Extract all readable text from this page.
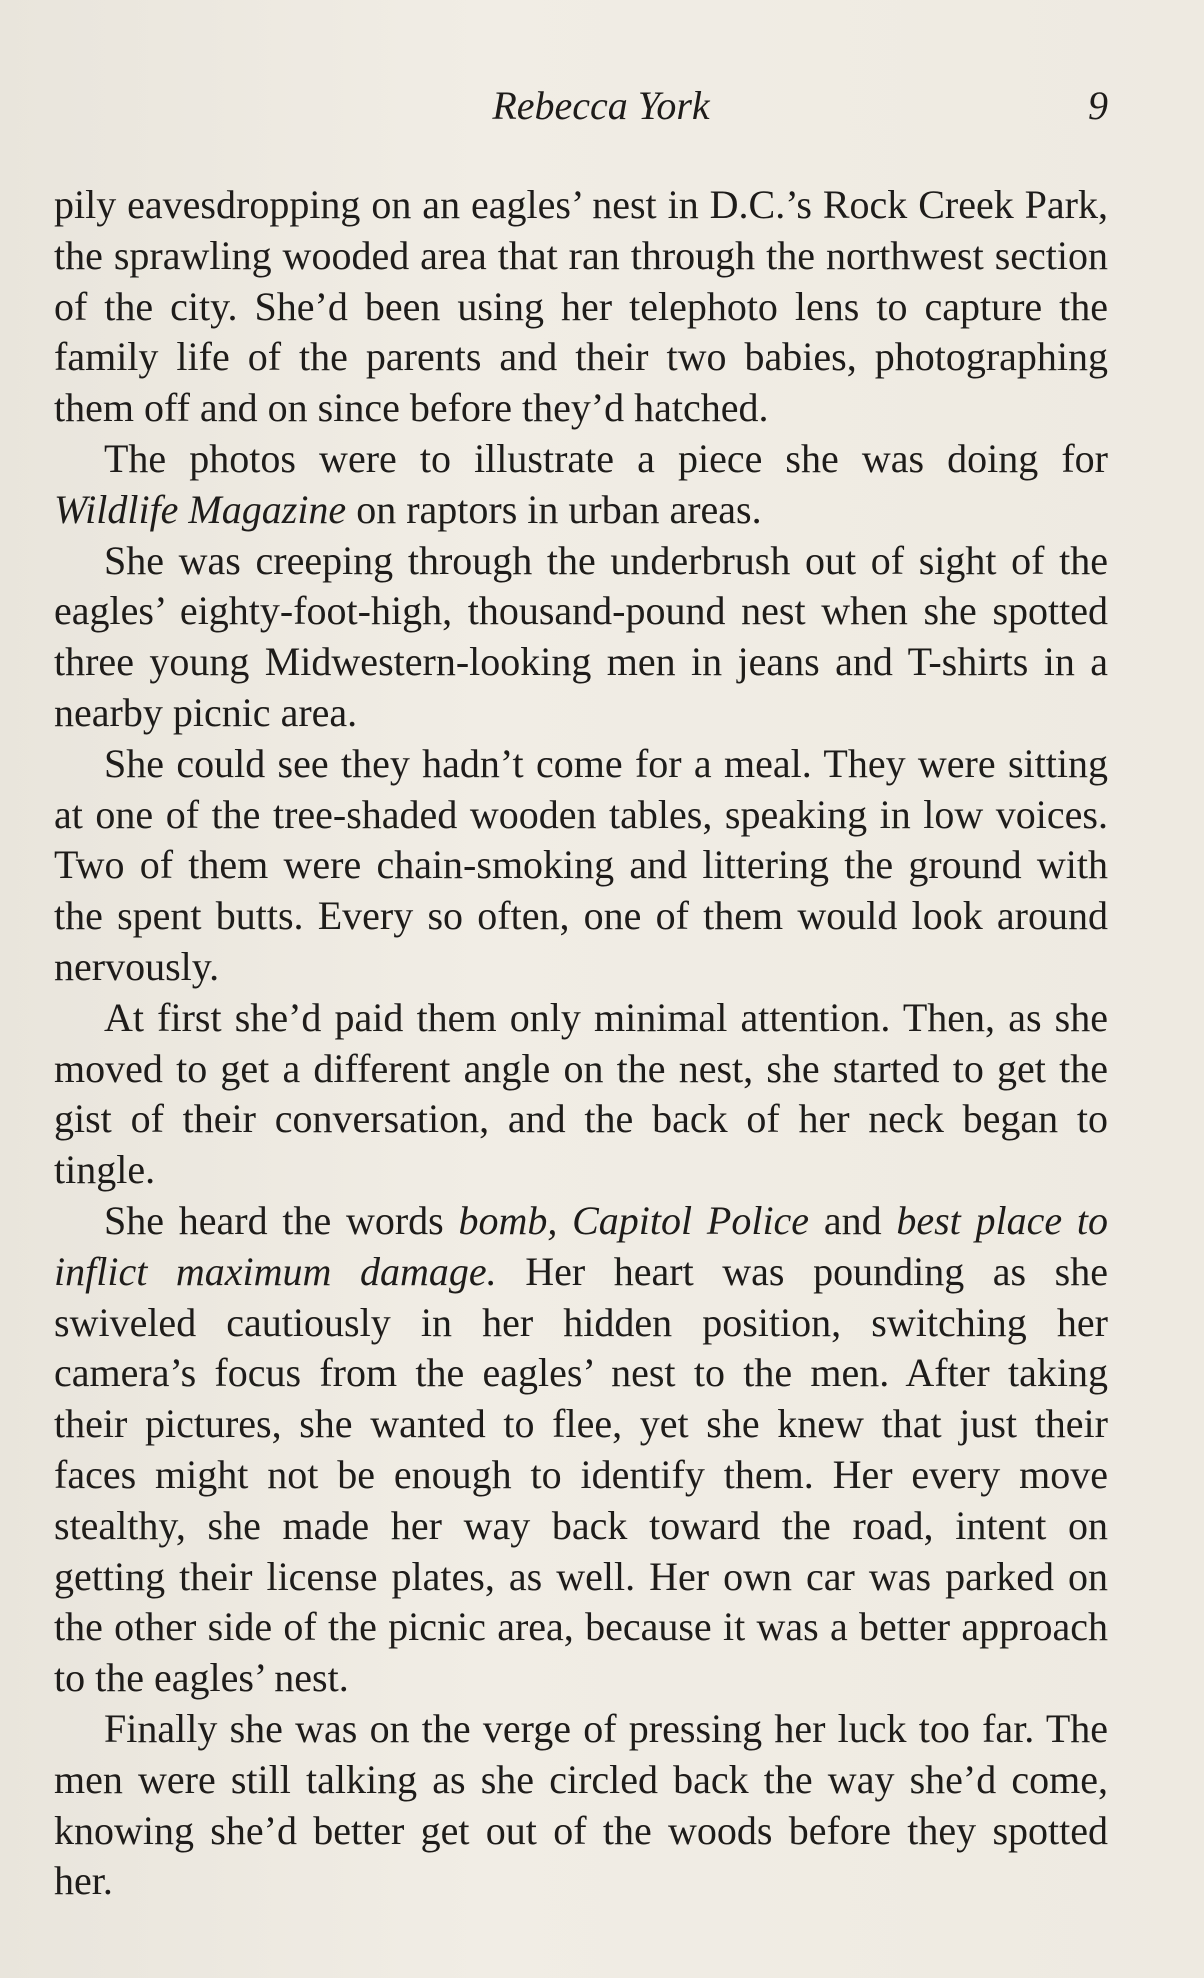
Rebecca York	9

pily eavesdropping on an eagles’ nest in D.C.’s Rock Creek Park, the sprawling wooded area that ran through the northwest section of the city. She’d been using her telephoto lens to capture the family life of the parents and their two babies, photographing them off and on since before they’d hatched.

The photos were to illustrate a piece she was doing for Wildlife Magazine on raptors in urban areas.

She was creeping through the underbrush out of sight of the eagles’ eighty-foot-high, thousand-pound nest when she spotted three young Midwestern-looking men in jeans and T-shirts in a nearby picnic area.

She could see they hadn’t come for a meal. They were sitting at one of the tree-shaded wooden tables, speaking in low voices. Two of them were chain-smoking and littering the ground with the spent butts. Every so often, one of them would look around nervously.

At first she’d paid them only minimal attention. Then, as she moved to get a different angle on the nest, she started to get the gist of their conversation, and the back of her neck began to tingle.

She heard the words bomb, Capitol Police and best place to inflict maximum damage. Her heart was pounding as she swiveled cautiously in her hidden position, switching her camera’s focus from the eagles’ nest to the men. After taking their pictures, she wanted to flee, yet she knew that just their faces might not be enough to identify them. Her every move stealthy, she made her way back toward the road, intent on getting their license plates, as well. Her own car was parked on the other side of the picnic area, because it was a better approach to the eagles’ nest.

Finally she was on the verge of pressing her luck too far. The men were still talking as she circled back the way she’d come, knowing she’d better get out of the woods before they spotted her.
